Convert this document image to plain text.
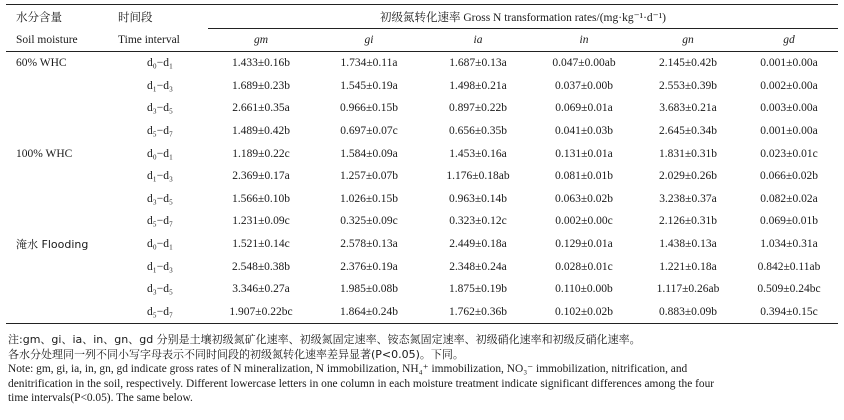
水分含量	时间段	初级氮转化速率 Gross N transformation rates/(mg·kg⁻¹·d⁻¹)					
Soil moisture	Time interval	gm	gi	ia	in	gn	gd
60% WHC	d₀−d₁	1.433±0.16b	1.734±0.11a	1.687±0.13a	0.047±0.00ab	2.145±0.42b	0.001±0.00a
	d₁−d₃	1.689±0.23b	1.545±0.19a	1.498±0.21a	0.037±0.00b	2.553±0.39b	0.002±0.00a
	d₃−d₅	2.661±0.35a	0.966±0.15b	0.897±0.22b	0.069±0.01a	3.683±0.21a	0.003±0.00a
	d₅−d₇	1.489±0.42b	0.697±0.07c	0.656±0.35b	0.041±0.03b	2.645±0.34b	0.001±0.00a
100% WHC	d₀−d₁	1.189±0.22c	1.584±0.09a	1.453±0.16a	0.131±0.01a	1.831±0.31b	0.023±0.01c
	d₁−d₃	2.369±0.17a	1.257±0.07b	1.176±0.18ab	0.081±0.01b	2.029±0.26b	0.066±0.02b
	d₃−d₅	1.566±0.10b	1.026±0.15b	0.963±0.14b	0.063±0.02b	3.238±0.37a	0.082±0.02a
	d₅−d₇	1.231±0.09c	0.325±0.09c	0.323±0.12c	0.002±0.00c	2.126±0.31b	0.069±0.01b
淹水 Flooding	d₀−d₁	1.521±0.14c	2.578±0.13a	2.449±0.18a	0.129±0.01a	1.438±0.13a	1.034±0.31a
	d₁−d₃	2.548±0.38b	2.376±0.19a	2.348±0.24a	0.028±0.01c	1.221±0.18a	0.842±0.11ab
	d₃−d₅	3.346±0.27a	1.985±0.08b	1.875±0.19b	0.110±0.00b	1.117±0.26ab	0.509±0.24bc
	d₅−d₇	1.907±0.22bc	1.864±0.24b	1.762±0.36b	0.102±0.02b	0.883±0.09b	0.394±0.15c

注:gm、gi、ia、in、gn、gd 分别是土壤初级氮矿化速率、初级氮固定速率、铵态氮固定速率、初级硝化速率和初级反硝化速率。

各水分处理同一列不同小写字母表示不同时间段的初级氮转化速率差异显著(P<0.05)。下同。

Note: gm, gi, ia, in, gn, gd indicate gross rates of N mineralization, N immobilization, NH₄⁺ immobilization, NO₃⁻ immobilization, nitrification, and

denitrification in the soil, respectively. Different lowercase letters in one column in each moisture treatment indicate significant differences among the four

time intervals(P<0.05). The same below.
